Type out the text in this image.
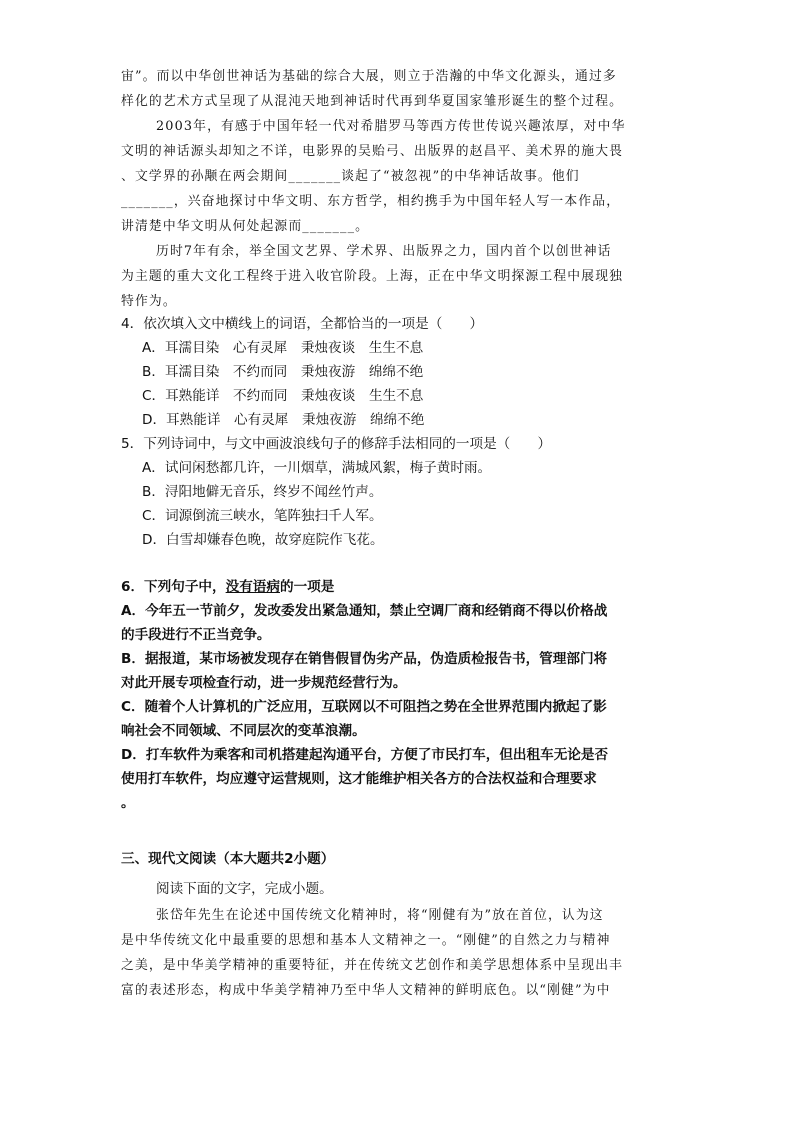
宙”。而以中华创世神话为基础的综合大展，则立于浩瀚的中华文化源头，通过多
样化的艺术方式呈现了从混沌天地到神话时代再到华夏国家雏形诞生的整个过程。
2003年，有感于中国年轻一代对希腊罗马等西方传世传说兴趣浓厚，对中华
文明的神话源头却知之不详，电影界的吴贻弓、出版界的赵昌平、美术界的施大畏
、文学界的孙颙在两会期间_______谈起了“被忽视”的中华神话故事。他们
_______，兴奋地探讨中华文明、东方哲学，相约携手为中国年轻人写一本作品，
讲清楚中华文明从何处起源而_______。
历时7年有余，举全国文艺界、学术界、出版界之力，国内首个以创世神话
为主题的重大文化工程终于进入收官阶段。上海，正在中华文明探源工程中展现独
特作为。
4．依次填入文中横线上的词语，全都恰当的一项是（　　）
A．耳濡目染　心有灵犀　秉烛夜谈　生生不息
B．耳濡目染　不约而同　秉烛夜游　绵绵不绝
C．耳熟能详　不约而同　秉烛夜谈　生生不息
D．耳熟能详　心有灵犀　秉烛夜游　绵绵不绝
5．下列诗词中，与文中画波浪线句子的修辞手法相同的一项是（　　）
A．试问闲愁都几许，一川烟草，满城风絮，梅子黄时雨。
B．浔阳地僻无音乐，终岁不闻丝竹声。
C．词源倒流三峡水，笔阵独扫千人军。
D．白雪却嫌春色晚，故穿庭院作飞花。
6．下列句子中，没有语病的一项是
A．今年五一节前夕，发改委发出紧急通知，禁止空调厂商和经销商不得以价格战
的手段进行不正当竞争。
B．据报道，某市场被发现存在销售假冒伪劣产品，伪造质检报告书，管理部门将
对此开展专项检查行动，进一步规范经营行为。
C．随着个人计算机的广泛应用，互联网以不可阻挡之势在全世界范围内掀起了影
响社会不同领域、不同层次的变革浪潮。
D．打车软件为乘客和司机搭建起沟通平台，方便了市民打车，但出租车无论是否
使用打车软件，均应遵守运营规则，这才能维护相关各方的合法权益和合理要求
。
三、现代文阅读（本大题共2小题）
阅读下面的文字，完成小题。
张岱年先生在论述中国传统文化精神时，将“刚健有为”放在首位，认为这
是中华传统文化中最重要的思想和基本人文精神之一。“刚健”的自然之力与精神
之美，是中华美学精神的重要特征，并在传统文艺创作和美学思想体系中呈现出丰
富的表述形态，构成中华美学精神乃至中华人文精神的鲜明底色。以“刚健”为中
